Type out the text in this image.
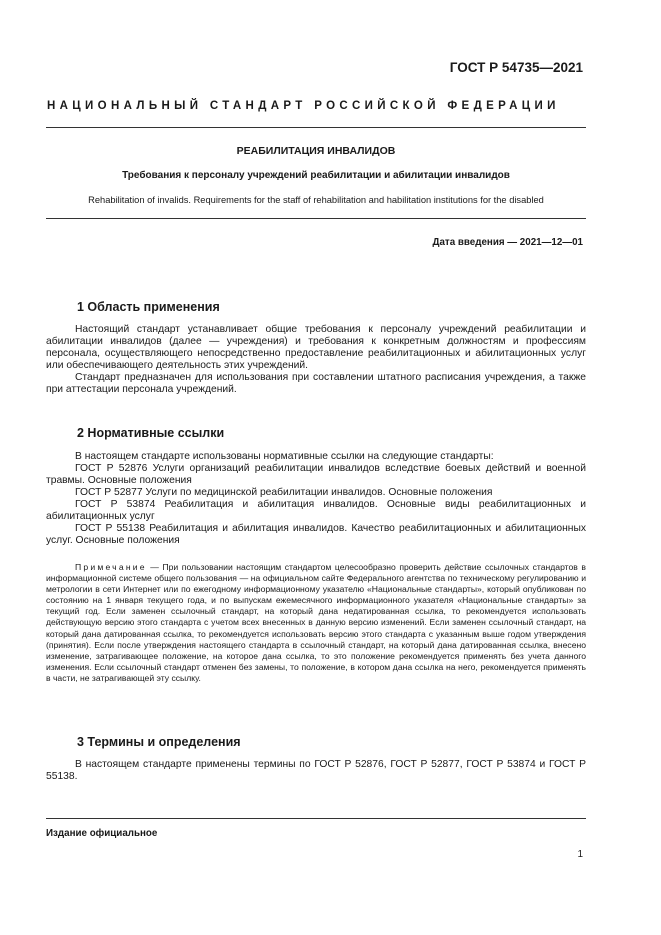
ГОСТ Р 54735—2021
НАЦИОНАЛЬНЫЙ СТАНДАРТ РОССИЙСКОЙ ФЕДЕРАЦИИ
РЕАБИЛИТАЦИЯ ИНВАЛИДОВ
Требования к персоналу учреждений реабилитации и абилитации инвалидов
Rehabilitation of invalids. Requirements for the staff of rehabilitation and habilitation institutions for the disabled
Дата введения — 2021—12—01
1 Область применения

Настоящий стандарт устанавливает общие требования к персоналу учреждений реабилитации и абилитации инвалидов (далее — учреждения) и требования к конкретным должностям и профессиям персонала, осуществляющего непосредственно предоставление реабилитационных и абилитационных услуг или обеспечивающего деятельность этих учреждений.

Стандарт предназначен для использования при составлении штатного расписания учреждения, а также при аттестации персонала учреждений.

2 Нормативные ссылки

В настоящем стандарте использованы нормативные ссылки на следующие стандарты:

ГОСТ Р 52876 Услуги организаций реабилитации инвалидов вследствие боевых действий и военной травмы. Основные положения

ГОСТ Р 52877 Услуги по медицинской реабилитации инвалидов. Основные положения

ГОСТ Р 53874 Реабилитация и абилитация инвалидов. Основные виды реабилитационных и абилитационных услуг

ГОСТ Р 55138 Реабилитация и абилитация инвалидов. Качество реабилитационных и абилитационных услуг. Основные положения

Примечание — При пользовании настоящим стандартом целесообразно проверить действие ссылочных стандартов в информационной системе общего пользования — на официальном сайте Федерального агентства по техническому регулированию и метрологии в сети Интернет или по ежегодному информационному указателю «Национальные стандарты», который опубликован по состоянию на 1 января текущего года, и по выпускам ежемесячного информационного указателя «Национальные стандарты» за текущий год. Если заменен ссылочный стандарт, на который дана недатированная ссылка, то рекомендуется использовать действующую версию этого стандарта с учетом всех внесенных в данную версию изменений. Если заменен ссылочный стандарт, на который дана датированная ссылка, то рекомендуется использовать версию этого стандарта с указанным выше годом утверждения (принятия). Если после утверждения настоящего стандарта в ссылочный стандарт, на который дана датированная ссылка, внесено изменение, затрагивающее положение, на которое дана ссылка, то это положение рекомендуется применять без учета данного изменения. Если ссылочный стандарт отменен без замены, то положение, в котором дана ссылка на него, рекомендуется применять в части, не затрагивающей эту ссылку.

3 Термины и определения

В настоящем стандарте применены термины по ГОСТ Р 52876, ГОСТ Р 52877, ГОСТ Р 53874 и ГОСТ Р 55138.

Издание официальное
1
